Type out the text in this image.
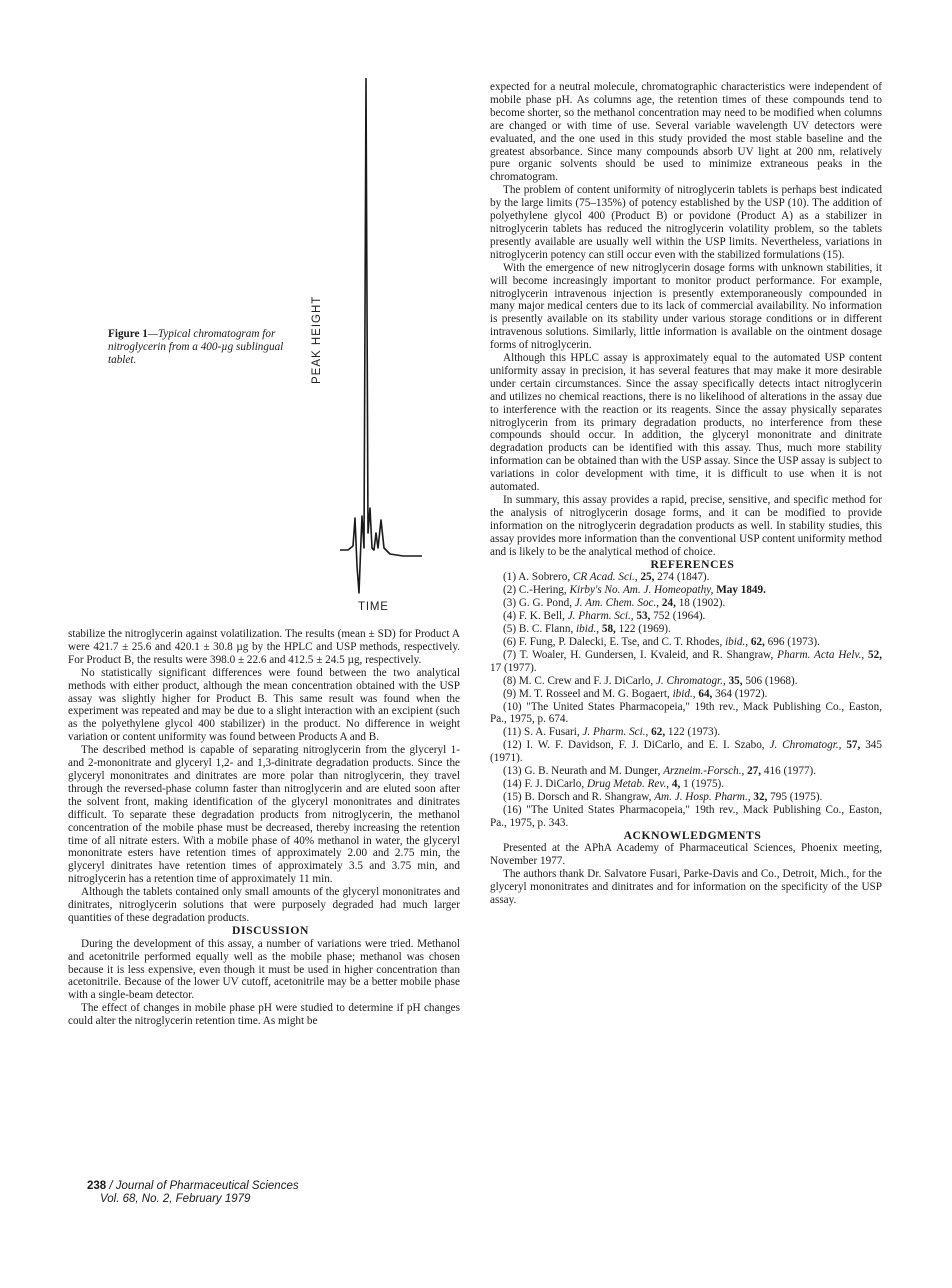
Figure 1—Typical chromatogram for nitroglycerin from a 400-µg sublingual tablet.	PEAK HEIGHT
TIME

stabilize the nitroglycerin against volatilization. The results (mean ± SD) for Product A were 421.7 ± 25.6 and 420.1 ± 30.8 µg by the HPLC and USP methods, respectively. For Product B, the results were 398.0 ± 22.6 and 412.5 ± 24.5 µg, respectively.

No statistically significant differences were found between the two analytical methods with either product, although the mean concentration obtained with the USP assay was slightly higher for Product B. This same result was found when the experiment was repeated and may be due to a slight interaction with an excipient (such as the polyethylene glycol 400 stabilizer) in the product. No difference in weight variation or content uniformity was found between Products A and B.

The described method is capable of separating nitroglycerin from the glyceryl 1- and 2-mononitrate and glyceryl 1,2- and 1,3-dinitrate degradation products. Since the glyceryl mononitrates and dinitrates are more polar than nitroglycerin, they travel through the reversed-phase column faster than nitroglycerin and are eluted soon after the solvent front, making identification of the glyceryl mononitrates and dinitrates difficult. To separate these degradation products from nitroglycerin, the methanol concentration of the mobile phase must be decreased, thereby increasing the retention time of all nitrate esters. With a mobile phase of 40% methanol in water, the glyceryl mononitrate esters have retention times of approximately 2.00 and 2.75 min, the glyceryl dinitrates have retention times of approximately 3.5 and 3.75 min, and nitroglycerin has a retention time of approximately 11 min.

Although the tablets contained only small amounts of the glyceryl mononitrates and dinitrates, nitroglycerin solutions that were purposely degraded had much larger quantities of these degradation products.

DISCUSSION

During the development of this assay, a number of variations were tried. Methanol and acetonitrile performed equally well as the mobile phase; methanol was chosen because it is less expensive, even though it must be used in higher concentration than acetonitrile. Because of the lower UV cutoff, acetonitrile may be a better mobile phase with a single-beam detector.

The effect of changes in mobile phase pH were studied to determine if pH changes could alter the nitroglycerin retention time. As might be

expected for a neutral molecule, chromatographic characteristics were independent of mobile phase pH. As columns age, the retention times of these compounds tend to become shorter, so the methanol concentration may need to be modified when columns are changed or with time of use. Several variable wavelength UV detectors were evaluated, and the one used in this study provided the most stable baseline and the greatest absorbance. Since many compounds absorb UV light at 200 nm, relatively pure organic solvents should be used to minimize extraneous peaks in the chromatogram.

The problem of content uniformity of nitroglycerin tablets is perhaps best indicated by the large limits (75–135%) of potency established by the USP (10). The addition of polyethylene glycol 400 (Product B) or povidone (Product A) as a stabilizer in nitroglycerin tablets has reduced the nitroglycerin volatility problem, so the tablets presently available are usually well within the USP limits. Nevertheless, variations in nitroglycerin potency can still occur even with the stabilized formulations (15).

With the emergence of new nitroglycerin dosage forms with unknown stabilities, it will become increasingly important to monitor product performance. For example, nitroglycerin intravenous injection is presently extemporaneously compounded in many major medical centers due to its lack of commercial availability. No information is presently available on its stability under various storage conditions or in different intravenous solutions. Similarly, little information is available on the ointment dosage forms of nitroglycerin.

Although this HPLC assay is approximately equal to the automated USP content uniformity assay in precision, it has several features that may make it more desirable under certain circumstances. Since the assay specifically detects intact nitroglycerin and utilizes no chemical reactions, there is no likelihood of alterations in the assay due to interference with the reaction or its reagents. Since the assay physically separates nitroglycerin from its primary degradation products, no interference from these compounds should occur. In addition, the glyceryl mononitrate and dinitrate degradation products can be identified with this assay. Thus, much more stability information can be obtained than with the USP assay. Since the USP assay is subject to variations in color development with time, it is difficult to use when it is not automated.

In summary, this assay provides a rapid, precise, sensitive, and specific method for the analysis of nitroglycerin dosage forms, and it can be modified to provide information on the nitroglycerin degradation products as well. In stability studies, this assay provides more information than the conventional USP content uniformity method and is likely to be the analytical method of choice.

REFERENCES

(1) A. Sobrero, CR Acad. Sci., 25, 274 (1847).
(2) C.-Hering, Kirby's No. Am. J. Homeopathy, May 1849.
(3) G. G. Pond, J. Am. Chem. Soc., 24, 18 (1902).
(4) F. K. Bell, J. Pharm. Sci., 53, 752 (1964).
(5) B. C. Flann, ibid., 58, 122 (1969).
(6) F. Fung, P. Dalecki, E. Tse, and C. T. Rhodes, ibid., 62, 696 (1973).
(7) T. Woaler, H. Gundersen, I. Kvaleid, and R. Shangraw, Pharm. Acta Helv., 52, 17 (1977).
(8) M. C. Crew and F. J. DiCarlo, J. Chromatogr., 35, 506 (1968).
(9) M. T. Rosseel and M. G. Bogaert, ibid., 64, 364 (1972).
(10) "The United States Pharmacopeia," 19th rev., Mack Publishing Co., Easton, Pa., 1975, p. 674.
(11) S. A. Fusari, J. Pharm. Sci., 62, 122 (1973).
(12) I. W. F. Davidson, F. J. DiCarlo, and E. I. Szabo, J. Chromatogr., 57, 345 (1971).
(13) G. B. Neurath and M. Dunger, Arzneim.-Forsch., 27, 416 (1977).
(14) F. J. DiCarlo, Drug Metab. Rev., 4, 1 (1975).
(15) B. Dorsch and R. Shangraw, Am. J. Hosp. Pharm., 32, 795 (1975).
(16) "The United States Pharmacopeia," 19th rev., Mack Publishing Co., Easton, Pa., 1975, p. 343.

ACKNOWLEDGMENTS

Presented at the APhA Academy of Pharmaceutical Sciences, Phoenix meeting, November 1977.

The authors thank Dr. Salvatore Fusari, Parke-Davis and Co., Detroit, Mich., for the glyceryl mononitrates and dinitrates and for information on the specificity of the USP assay.

238 / Journal of Pharmaceutical Sciences
Vol. 68, No. 2, February 1979
